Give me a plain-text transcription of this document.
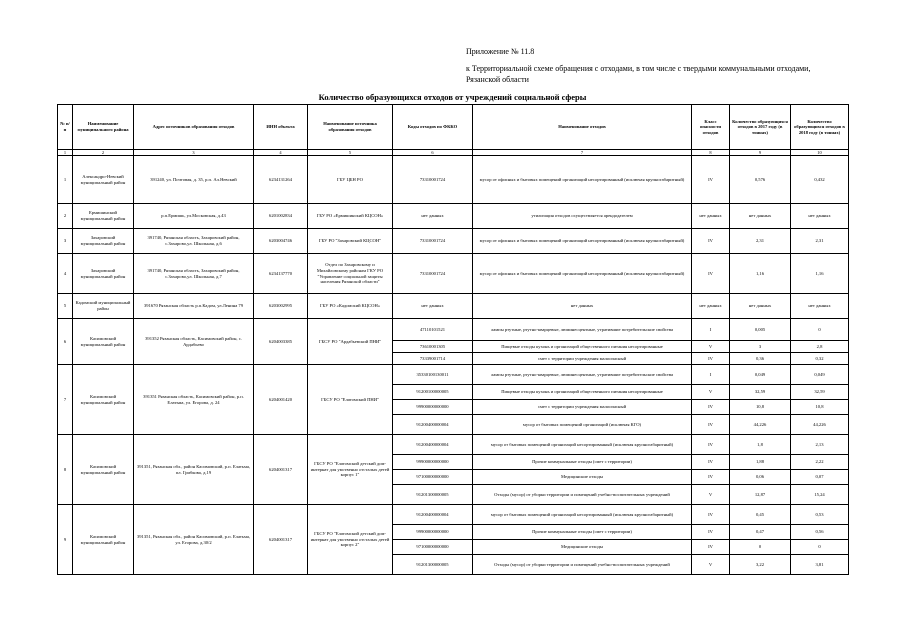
Приложение № 11.8
к Территориальной схеме обращения с отходами, в том числе с твердыми коммунальными отходами, Рязанской области
Количество образующихся отходов от учреждений социальной сферы
№ п/п	Наименование муниципального района	Адрес источников образования отходов	ИНН объекта	Наименование источника образования отходов	Коды отходов по ФККО	Наименование отходов	Класс опасности отходов	Количество образующихся отходов в 2017 году (в тоннах)	Количество образующихся отходов в 2018 году (в тоннах)
1	2	3	4	5	6	7	8	9	10
1	Александро-Невский муниципальный район	391240, ул. Почтовая, д. 35, р.п. Ал.Невский	6234131264	ГБУ ЦБН РО	73310001724	мусор от офисных и бытовых помещений организаций несортированный (исключая крупногабаритный)	IV	0,576	0,432
2	Ермишинский муниципальный район	р.п.Ермишь, ул.Московская, д.43	6201002834	ГБУ РО «Ермишинский КЦСОН»	нет данных	утилизация отходов осуществляется арендодателем	нет данных	нет данных	нет данных
3	Захаровский муниципальный район	391740, Рязанская область, Захаровский район, с.Захарово,ул. Школьная, д.6	6203004746	ГБУ РО "Захаровский КЦСОН"	73310001724	мусор от офисных и бытовых помещений организаций несортированный (исключая крупногабаритный)	IV	2,31	2,31
4	Захаровский муниципальный район	391740, Рязанская область, Захаровский район, с.Захарово,ул. Школьная, д.7	6234137770	Отдел по Захаровскому и Михайловскому районам ГКУ РО "Управление социальной защиты населения Рязанской области"	73310001724	мусор от офисных и бытовых помещений организаций несортированный (исключая крупногабаритный)	IV	1,16	1,16
5	Кадомский муниципальный район	391670 Рязанская область р.п.Кадом, ул.Ленина 79	6203002995	ГБУ РО «Кадомский КЦСОН»	нет данных	нет данных	нет данных	нет данных	нет данных
6	Касимовский муниципальный район	391352 Рязанская область, Касимовский район, с. Ардабьево	6204003385	ГБСУ РО "Ардабьевский ПНИ"	47110101521	лампы ртутные, ртутно-кварцевые, люминесцентные, утратившие потребительские свойства	I	0,005	0
					73610001305	Пищевые отходы кухонь и организаций общественного питания несортированные	V	3	2,8
					73339001714	смет с территории учреждения малоопасный	IV	0,36	0,32
7	Касимовский муниципальный район	391351 Рязанская область, Касимовский район, р.п. Елатьма, ул. Егорова, д. 24	6204001420	ГБСУ РО "Елатомский ПНИ"	35330100130011	лампы ртутные, ртутно-кварцевые, люминесцентные, утратившие потребительские свойства	I	0,049	0,049
					91200100000005	Пищевые отходы кухонь и организаций общественного питания несортированные	V	32,59	32,59
					99900000000000	смет с территории учреждения малоопасный	IV	10,8	10,8
					91200400000004	мусор от бытовых помещений организаций (исключая КГО)	IV	44,226	44,226
8	Касимовский муниципальный район	391351, Рязанская обл., район Касимовский, р.п. Елатьма, пл. Грибкова, д.19	6204001317	ГБСУ РО "Елатомский детский дом-интернат для умственно отсталых детей корпус 1"	91200400000004	мусор от бытовых помещений организаций несортированный (исключая крупногабаритный)	IV	1,8	2,13
					99900000000000	Прочие коммунальные отходы (смет с территории)	IV	1,88	2,22
					97100000000000	Медицинские отходы	IV	0,06	0,07
					91201300000005	Отходы (мусор) от уборки территории и помещений учебно-воспитательных учреждений	V	12,87	15,24
9	Касимовский муниципальный район	391351, Рязанская обл., район Касимовский, р.п. Елатьма, ул. Егорова, д.30/2	6204001317	ГБСУ РО "Елатомский детский дом-интернат для умственно отсталых детей корпус 2"	91200400000004	мусор от бытовых помещений организаций несортированный (исключая крупногабаритный)	IV	0,45	0,53
					99900000000000	Прочие коммунальные отходы (смет с территории)	IV	0,47	0,56
					97100000000000	Медицинские отходы	IV	0	0
					91201300000005	Отходы (мусор) от уборки территории и помещений учебно-воспитательных учреждений	V	3,22	3,81
